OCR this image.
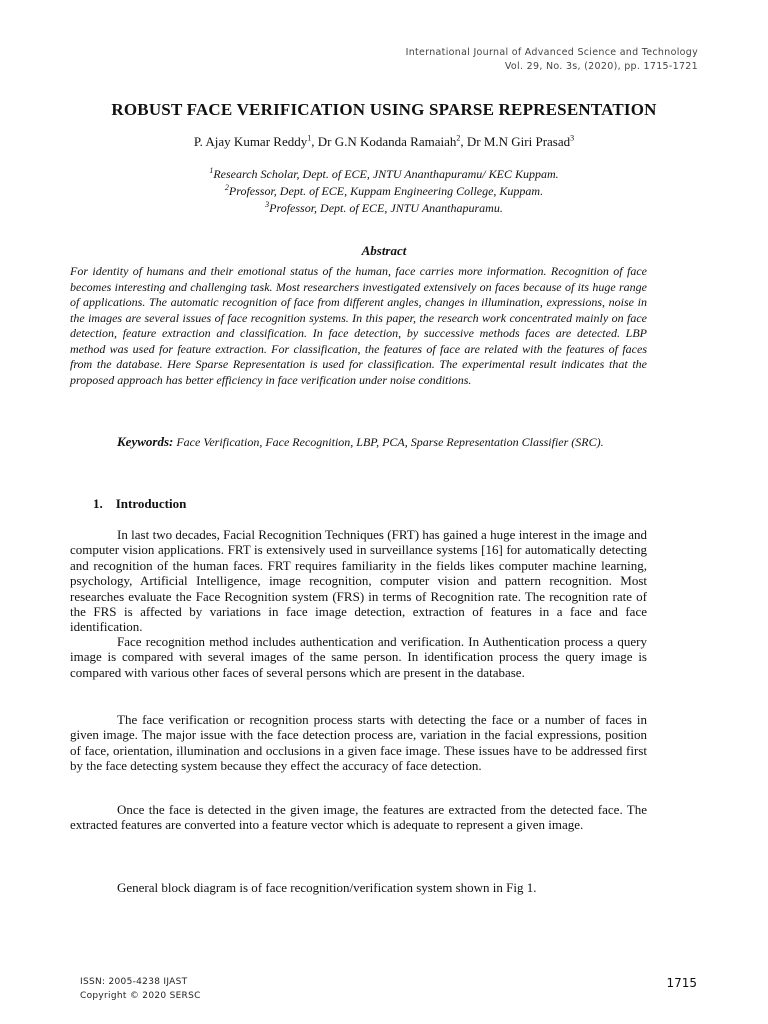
International Journal of Advanced Science and Technology
Vol. 29, No. 3s, (2020), pp. 1715-1721
ROBUST FACE VERIFICATION USING SPARSE REPRESENTATION
P. Ajay Kumar Reddy$^1$, Dr G.N Kodanda Ramaiah$^2$, Dr M.N Giri Prasad$^3$
$^1$Research Scholar, Dept. of ECE, JNTU Ananthapuramu/ KEC Kuppam.
$^2$Professor, Dept. of ECE, Kuppam Engineering College, Kuppam.
$^3$Professor, Dept. of ECE, JNTU Ananthapuramu.
Abstract

For identity of humans and their emotional status of the human, face carries more information. Recognition of face becomes interesting and challenging task. Most researchers investigated extensively on faces because of its huge range of applications. The automatic recognition of face from different angles, changes in illumination, expressions, noise in the images are several issues of face recognition systems. In this paper, the research work concentrated mainly on face detection, feature extraction and classification. In face detection, by successive methods faces are detected. LBP method was used for feature extraction. For classification, the features of face are related with the features of faces from the database. Here Sparse Representation is used for classification. The experimental result indicates that the proposed approach has better efficiency in face verification under noise conditions.

Keywords: Face Verification, Face Recognition, LBP, PCA, Sparse Representation Classifier (SRC).

1. Introduction

In last two decades, Facial Recognition Techniques (FRT) has gained a huge interest in the image and computer vision applications. FRT is extensively used in surveillance systems [16] for automatically detecting and recognition of the human faces. FRT requires familiarity in the fields likes computer machine learning, psychology, Artificial Intelligence, image recognition, computer vision and pattern recognition. Most researches evaluate the Face Recognition system (FRS) in terms of Recognition rate. The recognition rate of the FRS is affected by variations in face image detection, extraction of features in a face and face identification.

Face recognition method includes authentication and verification. In Authentication process a query image is compared with several images of the same person. In identification process the query image is compared with various other faces of several persons which are present in the database.

The face verification or recognition process starts with detecting the face or a number of faces in given image. The major issue with the face detection process are, variation in the facial expressions, position of face, orientation, illumination and occlusions in a given face image. These issues have to be addressed first by the face detecting system because they effect the accuracy of face detection.

Once the face is detected in the given image, the features are extracted from the detected face. The extracted features are converted into a feature vector which is adequate to represent a given image.

General block diagram is of face recognition/verification system shown in Fig 1.

ISSN: 2005-4238 IJAST
Copyright © 2020 SERSC
1715
